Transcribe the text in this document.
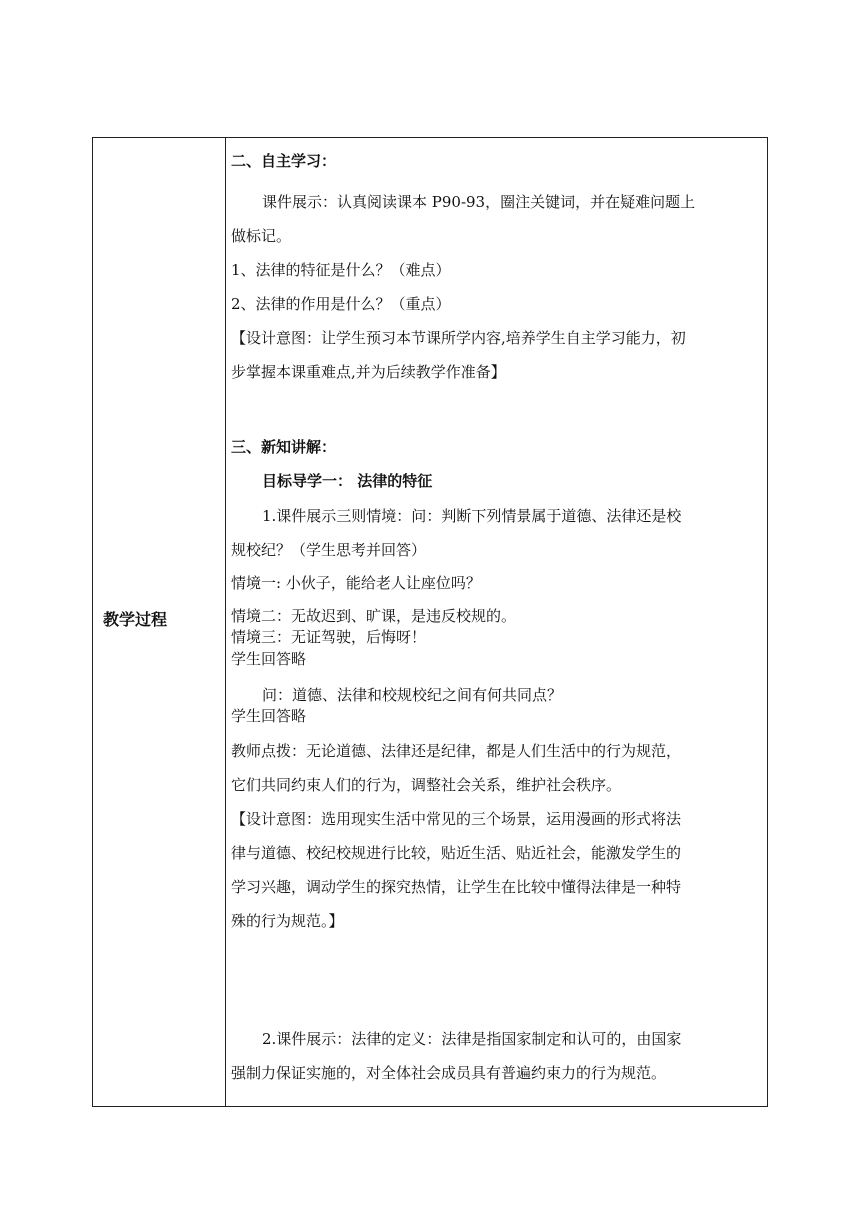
教学过程
二、自主学习：
课件展示：认真阅读课本 P90-93，圈注关键词，并在疑难问题上
做标记。
1、法律的特征是什么？（难点）
2、法律的作用是什么？（重点）
【设计意图：让学生预习本节课所学内容,培养学生自主学习能力，初
步掌握本课重难点,并为后续教学作准备】
三、新知讲解：
目标导学一： 法律的特征
1.课件展示三则情境：问：判断下列情景属于道德、法律还是校
规校纪？（学生思考并回答）
情境一: 小伙子，能给老人让座位吗？
情境二：无故迟到、旷课，是违反校规的。
情境三：无证驾驶，后悔呀！
学生回答略
问：道德、法律和校规校纪之间有何共同点？
学生回答略
教师点拨：无论道德、法律还是纪律，都是人们生活中的行为规范，
它们共同约束人们的行为，调整社会关系，维护社会秩序。
【设计意图：选用现实生活中常见的三个场景，运用漫画的形式将法
律与道德、校纪校规进行比较，贴近生活、贴近社会，能激发学生的
学习兴趣，调动学生的探究热情，让学生在比较中懂得法律是一种特
殊的行为规范。】
2.课件展示：法律的定义：法律是指国家制定和认可的，由国家
强制力保证实施的，对全体社会成员具有普遍约束力的行为规范。
